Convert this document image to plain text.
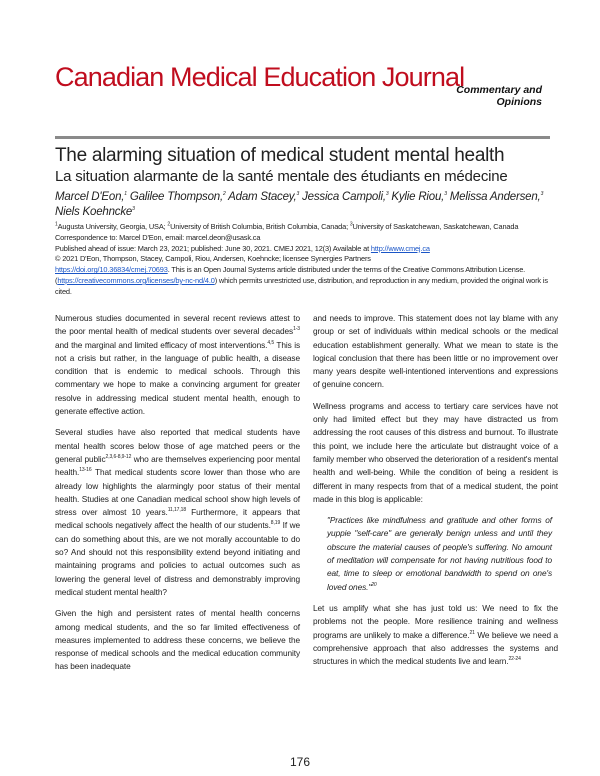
Canadian Medical Education Journal
Commentary and
Opinions
The alarming situation of medical student mental health
La situation alarmante de la santé mentale des étudiants en médecine
Marcel D'Eon,$^1$ Galilee Thompson,$^2$ Adam Stacey,$^3$ Jessica Campoli,$^3$ Kylie Riou,$^3$ Melissa Andersen,$^3$ Niels Koehncke$^3$
$^1$Augusta University, Georgia, USA; $^2$University of British Columbia, British Columbia, Canada; $^3$University of Saskatchewan, Saskatchewan, Canada
Correspondence to: Marcel D'Eon, email: marcel.deon@usask.ca
Published ahead of issue: March 23, 2021; published: June 30, 2021. CMEJ 2021, 12(3) Available at http://www.cmej.ca
© 2021 D'Eon, Thompson, Stacey, Campoli, Riou, Andersen, Koehncke; licensee Synergies Partners
https://doi.org/10.36834/cmej.70693. This is an Open Journal Systems article distributed under the terms of the Creative Commons Attribution License. (https://creativecommons.org/licenses/by-nc-nd/4.0) which permits unrestricted use, distribution, and reproduction in any medium, provided the original work is cited.

Numerous studies documented in several recent reviews attest to the poor mental health of medical students over several decades$^{1-3}$ and the marginal and limited efficacy of most interventions.$^{4,5}$ This is not a crisis but rather, in the language of public health, a disease condition that is endemic to medical schools. Through this commentary we hope to make a convincing argument for greater resolve in addressing medical student mental health, enough to generate effective action.

Several studies have also reported that medical students have mental health scores below those of age matched peers or the general public$^{2,3,6-8,9-12}$ who are themselves experiencing poor mental health.$^{13-16}$ That medical students score lower than those who are already low highlights the alarmingly poor status of their mental health. Studies at one Canadian medical school show high levels of stress over almost 10 years.$^{11,17,18}$ Furthermore, it appears that medical schools negatively affect the health of our students.$^{8,19}$ If we can do something about this, are we not morally accountable to do so? And should not this responsibility extend beyond initiating and maintaining programs and policies to actual outcomes such as lowering the general level of distress and demonstrably improving medical student mental health?

Given the high and persistent rates of mental health concerns among medical students, and the so far limited effectiveness of measures implemented to address these concerns, we believe the response of medical schools and the medical education community has been inadequate

and needs to improve. This statement does not lay blame with any group or set of individuals within medical schools or the medical education establishment generally. What we mean to state is the logical conclusion that there has been little or no improvement over many years despite well-intentioned interventions and expressions of genuine concern.

Wellness programs and access to tertiary care services have not only had limited effect but they may have distracted us from addressing the root causes of this distress and burnout. To illustrate this point, we include here the articulate but distraught voice of a family member who observed the deterioration of a resident's mental health and well-being. While the condition of being a resident is different in many respects from that of a medical student, the point made in this blog is applicable:

"Practices like mindfulness and gratitude and other forms of yuppie "self-care" are generally benign unless and until they obscure the material causes of people's suffering. No amount of meditation will compensate for not having nutritious food to eat, time to sleep or emotional bandwidth to spend on one's loved ones."$^{20}$

Let us amplify what she has just told us: We need to fix the problems not the people. More resilience training and wellness programs are unlikely to make a difference.$^{21}$ We believe we need a comprehensive approach that also addresses the systems and structures in which the medical students live and learn.$^{22-24}$

176
